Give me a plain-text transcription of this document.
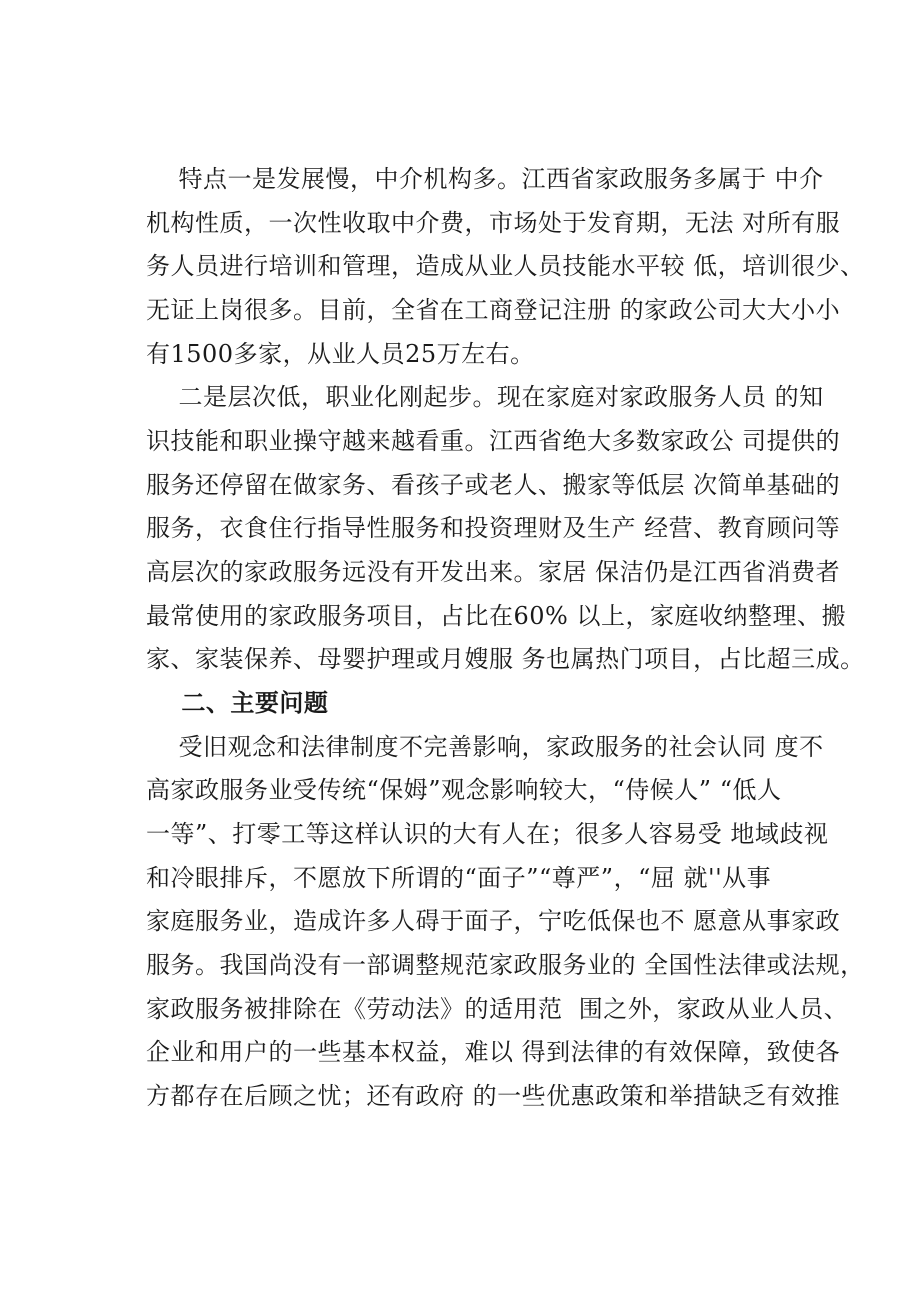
特点一是发展慢，中介机构多。江西省家政服务多属于 中介
机构性质，一次性收取中介费，市场处于发育期，无法 对所有服
务人员进行培训和管理，造成从业人员技能水平较 低，培训很少、
无证上岗很多。目前，全省在工商登记注册 的家政公司大大小小
有1500多家，从业人员25万左右。
二是层次低，职业化刚起步。现在家庭对家政服务人员 的知
识技能和职业操守越来越看重。江西省绝大多数家政公 司提供的
服务还停留在做家务、看孩子或老人、搬家等低层 次简单基础的
服务，衣食住行指导性服务和投资理财及生产 经营、教育顾问等
高层次的家政服务远没有开发出来。家居 保洁仍是江西省消费者
最常使用的家政服务项目，占比在60% 以上，家庭收纳整理、搬
家、家装保养、母婴护理或月嫂服 务也属热门项目，占比超三成。
二、主要问题
受旧观念和法律制度不完善影响，家政服务的社会认同 度不
高家政服务业受传统“保姆”观念影响较大，“侍候人” “低人
一等”、打零工等这样认识的大有人在；很多人容易受 地域歧视
和冷眼排斥，不愿放下所谓的“面子”“尊严”，“屈 就''从事
家庭服务业，造成许多人碍于面子，宁吃低保也不 愿意从事家政
服务。我国尚没有一部调整规范家政服务业的 全国性法律或法规，
家政服务被排除在《劳动法》的适用范  围之外，家政从业人员、
企业和用户的一些基本权益，难以 得到法律的有效保障，致使各
方都存在后顾之忧；还有政府 的一些优惠政策和举措缺乏有效推
